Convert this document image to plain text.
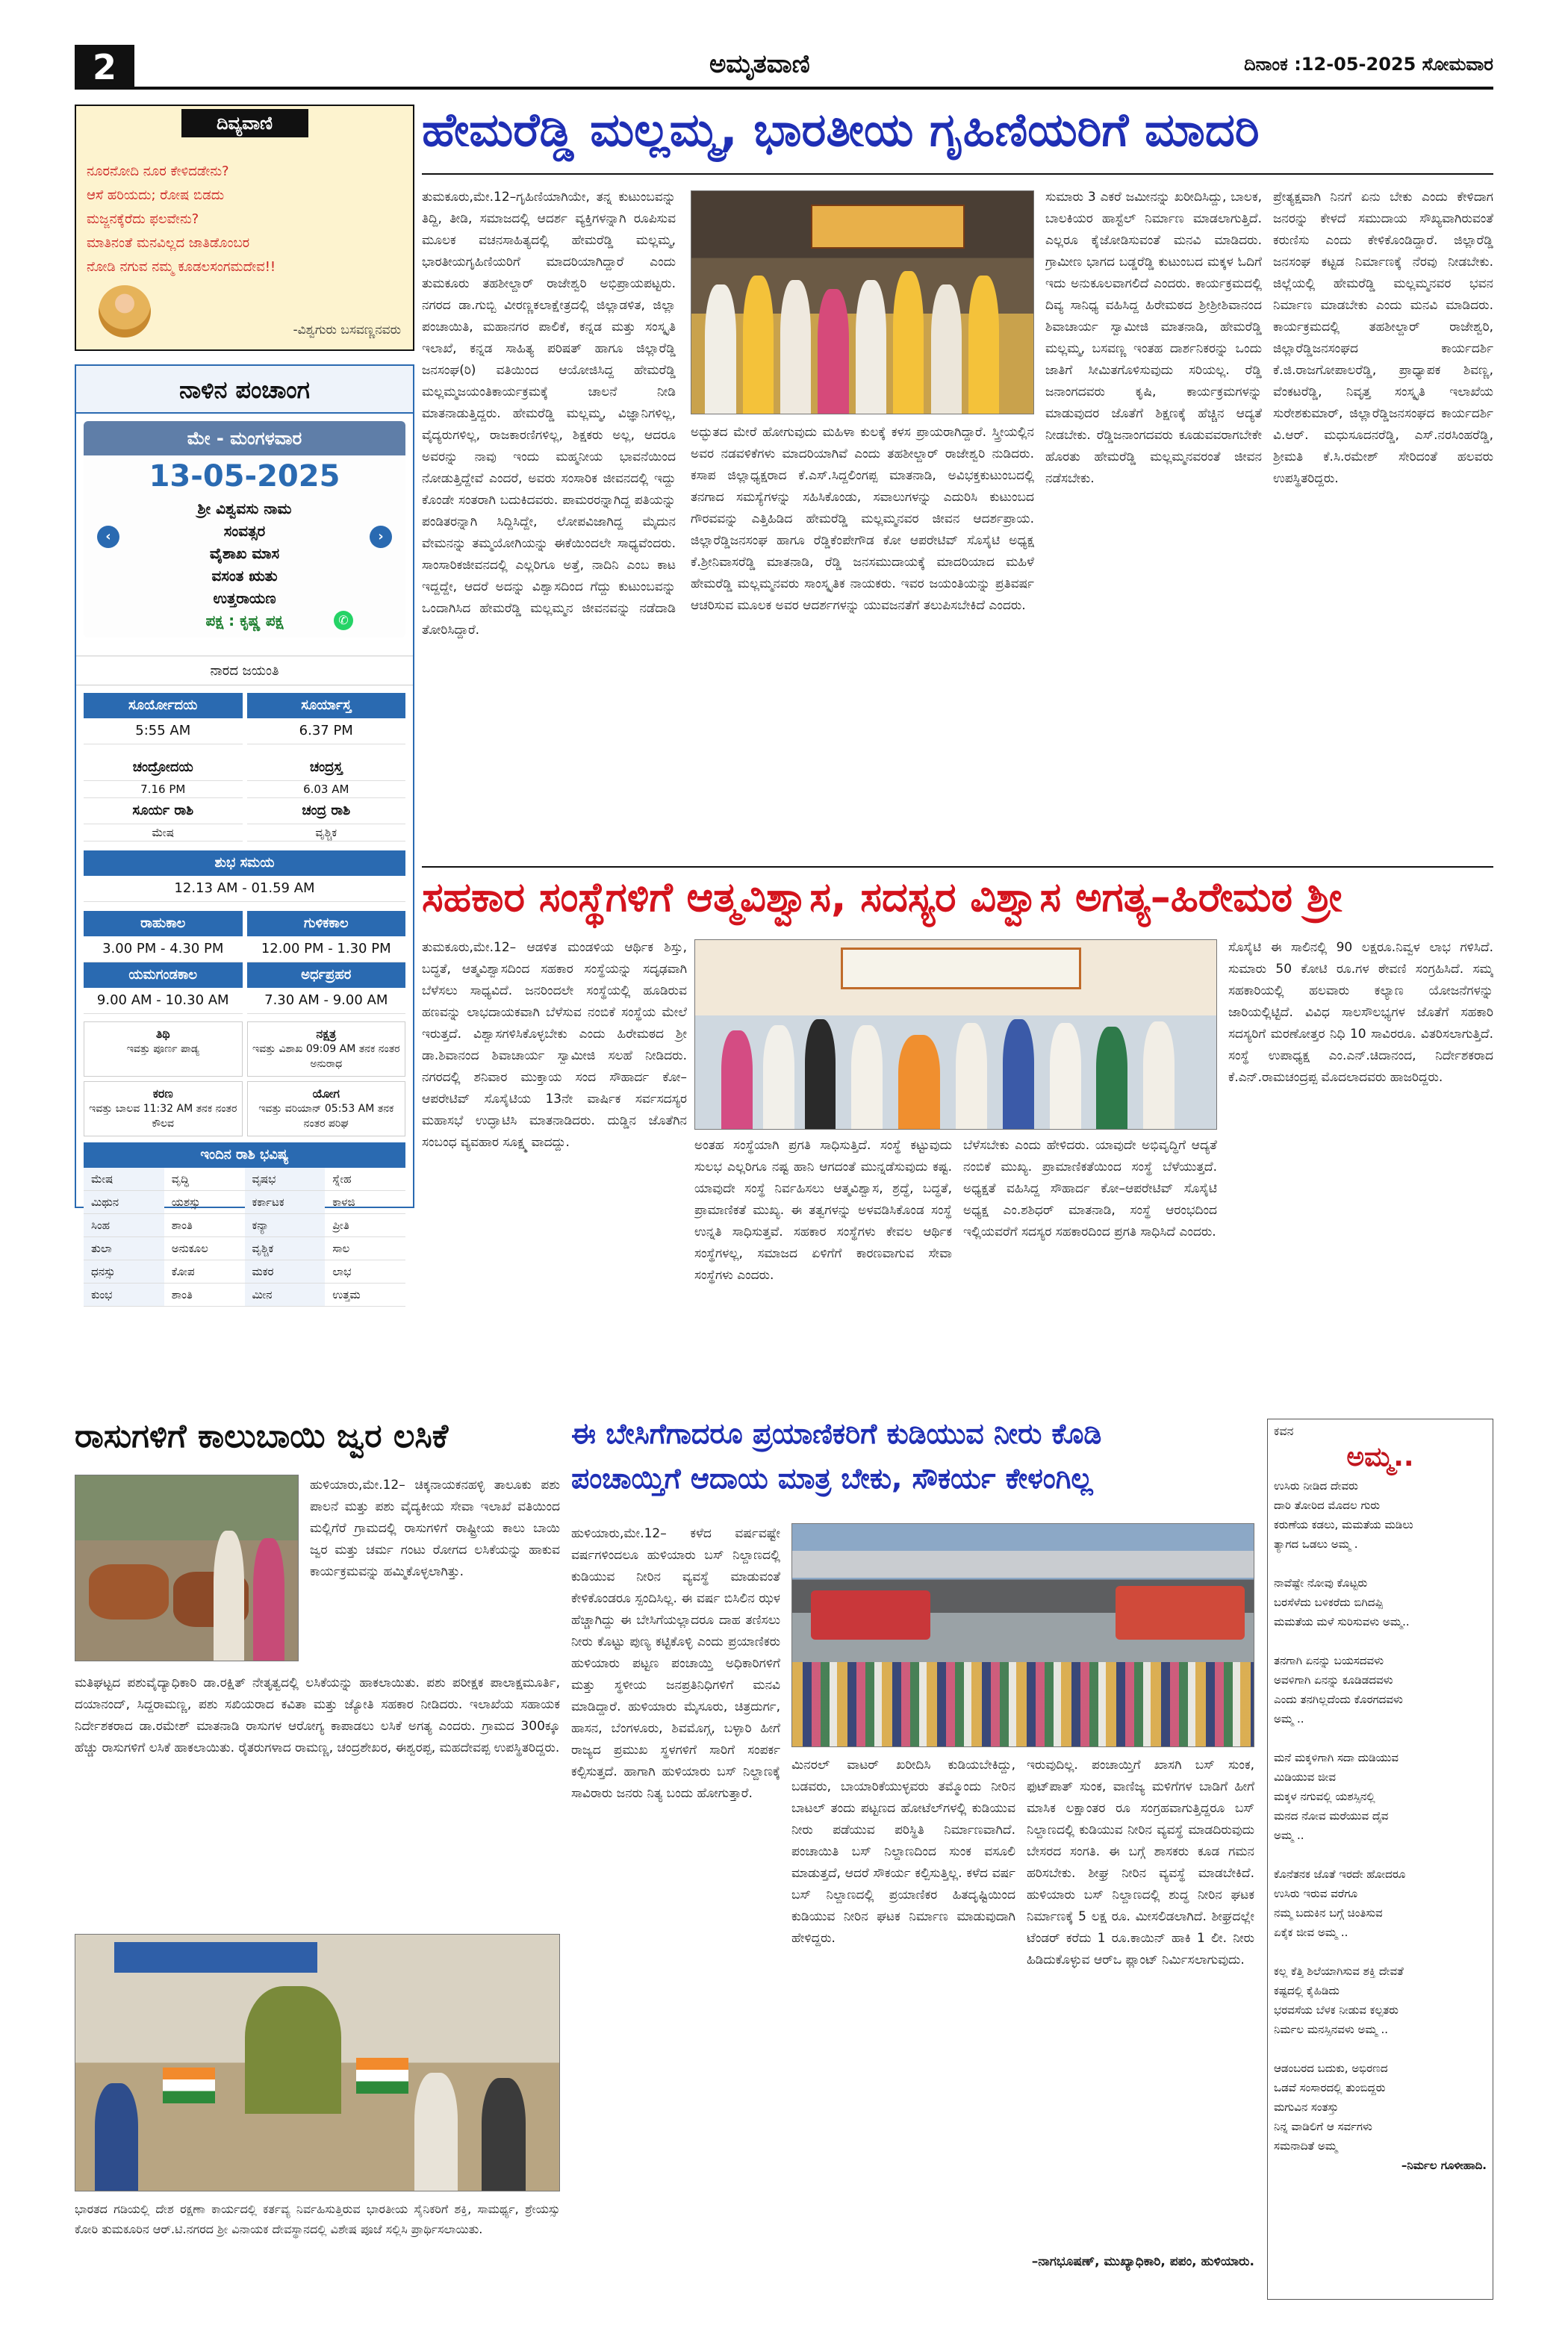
2	ಅಮೃತವಾಣಿ	ದಿನಾಂಕ :12-05-2025 ಸೋಮವಾರ
ದಿವ್ಯವಾಣಿ
ನೂರನೋದಿ ನೂರ ಕೇಳಿದಡೇನು?
ಆಸೆ ಹರಿಯದು; ರೋಷ ಬಿಡದು
ಮಜ್ಜನಕ್ಕೆರೆದು ಫಲವೇನು?
ಮಾತಿನಂತೆ ಮನವಿಲ್ಲದ ಜಾತಿಡೊಂಬರ
ನೋಡಿ ನಗುವ ನಮ್ಮ ಕೂಡಲಸಂಗಮದೇವ!!
-ವಿಶ್ವಗುರು ಬಸವಣ್ಣನವರು
ನಾಳಿನ ಪಂಚಾಂಗ
ಮೇ - ಮಂಗಳವಾರ
13-05-2025
ಶ್ರೀ ವಿಶ್ವವಸು ನಾಮ
ಸಂವತ್ಸರ
ವೈಶಾಖ ಮಾಸ
ವಸಂತ ಋತು
ಉತ್ತರಾಯಣ
ಪಕ್ಷ : ಕೃಷ್ಣ ಪಕ್ಷ
‹	›
✆
ನಾರದ ಜಯಂತಿ
ಸೂರ್ಯೋದಯ	ಸೂರ್ಯಾಸ್ತ
5:55 AM	6.37 PM
ಚಂದ್ರೋದಯ	ಚಂದ್ರಸ್ತ
7.16 PM	6.03 AM
ಸೂರ್ಯ ರಾಶಿ	ಚಂದ್ರ ರಾಶಿ
ಮೇಷ	ವೃಶ್ಚಿಕ
ಶುಭ ಸಮಯ
12.13 AM - 01.59 AM
ರಾಹುಕಾಲ	ಗುಳಿಕಕಾಲ
3.00 PM - 4.30 PM	12.00 PM - 1.30 PM
ಯಮಗಂಡಕಾಲ	ಅರ್ಧಪ್ರಹರ
9.00 AM - 10.30 AM	7.30 AM - 9.00 AM
ತಿಥಿ
ಇವತ್ತು ಪೂರ್ಣ ಪಾಡ್ಯ
ನಕ್ಷತ್ರ
ಇವತ್ತು ವಿಶಾಖ 09:09 AM ತನಕ ನಂತರ ಅನುರಾಧ
ಕರಣ
ಇವತ್ತು ಬಾಲವ 11:32 AM ತನಕ ನಂತರ ಕೌಲವ
ಯೋಗ
ಇವತ್ತು ವರಿಯಾನ್ 05:53 AM ತನಕ ನಂತರ ಪರಿಘ
ಇಂದಿನ ರಾಶಿ ಭವಿಷ್ಯ
ಮೇಷ	ವೃದ್ಧಿ	ವೃಷಭ	ಸ್ನೇಹ
ಮಿಥುನ	ಯಶಸ್ಸು	ಕರ್ಕಾಟಕ	ಕಾಳಜಿ
ಸಿಂಹ	ಶಾಂತಿ	ಕನ್ಯಾ	ಪ್ರೀತಿ
ತುಲಾ	ಅನುಕೂಲ	ವೃಶ್ಚಿಕ	ಸಾಲ
ಧನಸ್ಸು	ಕೋಪ	ಮಕರ	ಲಾಭ
ಕುಂಭ	ಶಾಂತಿ	ಮೀನ	ಉತ್ತಮ
ಹೇಮರೆಡ್ಡಿ ಮಲ್ಲಮ್ಮ, ಭಾರತೀಯ ಗೃಹಿಣಿಯರಿಗೆ ಮಾದರಿ
ತುಮಕೂರು,ಮೇ.12–ಗೃಹಿಣಿಯಾಗಿಯೇ, ತನ್ನ ಕುಟುಂಬವನ್ನು ತಿದ್ದಿ, ತೀಡಿ, ಸಮಾಜದಲ್ಲಿ ಆದರ್ಶ ವ್ಯಕ್ತಿಗಳನ್ನಾಗಿ ರೂಪಿಸುವ ಮೂಲಕ ವಚನಸಾಹಿತ್ಯದಲ್ಲಿ ಹೇಮರೆಡ್ಡಿ ಮಲ್ಲಮ್ಮ, ಭಾರತೀಯಗೃಹಿಣಿಯರಿಗೆ ಮಾದರಿಯಾಗಿದ್ದಾರೆ ಎಂದು ತುಮಕೂರು ತಹಶೀಲ್ದಾರ್ ರಾಜೇಶ್ವರಿ ಅಭಿಪ್ರಾಯಪಟ್ಟರು. ನಗರದ ಡಾ.ಗುಬ್ಬಿ ವೀರಣ್ಣಕಲಾಕ್ಷೇತ್ರದಲ್ಲಿ ಜಿಲ್ಲಾಡಳಿತ, ಜಿಲ್ಲಾ ಪಂಚಾಯಿತಿ, ಮಹಾನಗರ ಪಾಲಿಕೆ, ಕನ್ನಡ ಮತ್ತು ಸಂಸ್ಕೃತಿ ಇಲಾಖೆ, ಕನ್ನಡ ಸಾಹಿತ್ಯ ಪರಿಷತ್ ಹಾಗೂ ಜಿಲ್ಲಾರೆಡ್ಡಿ ಜನಸಂಘ(ರಿ) ವತಿಯಿಂದ ಆಯೋಜಿಸಿದ್ದ ಹೇಮರೆಡ್ಡಿ ಮಲ್ಲಮ್ಮಜಯಂತಿಕಾರ್ಯಕ್ರಮಕ್ಕೆ ಚಾಲನೆ ನೀಡಿ ಮಾತನಾಡುತ್ತಿದ್ದರು. ಹೇಮರೆಡ್ಡಿ ಮಲ್ಲಮ್ಮ, ವಿಜ್ಞಾನಿಗಳಿಲ್ಲ, ವೈದ್ಯರುಗಳಿಲ್ಲ, ರಾಜಕಾರಣಿಗಳಿಲ್ಲ, ಶಿಕ್ಷಕರು ಅಲ್ಲ, ಆದರೂ ಅವರನ್ನು ನಾವು ಇಂದು ಮಹ್ಮನೀಯ ಭಾವನೆಯಿಂದ ನೋಡುತ್ತಿದ್ದೇವೆ ಎಂದರೆ, ಅವರು ಸಂಸಾರಿಕ ಜೀವನದಲ್ಲಿ ಇದ್ದು ಕೊಂಡೇ ಸಂತರಾಗಿ ಬದುಕಿದವರು. ಪಾಮರರನ್ನಾಗಿದ್ದ ಪತಿಯನ್ನು ಪಂಡಿತರನ್ನಾಗಿ ಸಿದ್ದಿಸಿದ್ದೇ, ಲೋಪವಿಜಾಗಿದ್ದ ಮೈದುನ ವೇಮನನ್ನು ತಮ್ಮಯೋಗಿಯನ್ನು ಈಕೆಯಿಂದಲೇ ಸಾಧ್ಯವೆಂದರು. ಸಾಂಸಾರಿಕಜೀವನದಲ್ಲಿ ಎಲ್ಲರಿಗೂ ಅತ್ತೆ, ನಾದಿನಿ ಎಂಬ ಕಾಟ ಇದ್ದದ್ದೇ, ಆದರೆ ಅದನ್ನು ವಿಶ್ವಾಸದಿಂದ ಗೆದ್ದು ಕುಟುಂಬವನ್ನು ಒಂದಾಗಿಸಿದ ಹೇಮರೆಡ್ಡಿ ಮಲ್ಲಮ್ಮನ ಜೀವನವನ್ನು ನಡೆದಾಡಿ ತೋರಿಸಿದ್ದಾರೆ.
ಅದ್ಭುತದ ಮೇರೆ ಹೋಗುವುದು ಮಹಿಳಾ ಕುಲಕ್ಕೆ ಕಳಸ ಪ್ರಾಯರಾಗಿದ್ದಾರೆ. ಸ್ತ್ರೀಯಲ್ಲಿನ ಅವರ ನಡವಳಿಕೆಗಳು ಮಾದರಿಯಾಗಿವೆ ಎಂದು ತಹಶೀಲ್ದಾರ್ ರಾಜೇಶ್ವರಿ ನುಡಿದರು. ಕಸಾಪ ಜಿಲ್ಲಾಧ್ಯಕ್ಷರಾದ ಕೆ.ಎಸ್.ಸಿದ್ದಲಿಂಗಪ್ಪ ಮಾತನಾಡಿ, ಅವಿಭಕ್ತಕುಟುಂಬದಲ್ಲಿ ತನಗಾದ ಸಮಸ್ಯೆಗಳನ್ನು ಸಹಿಸಿಕೊಂಡು, ಸವಾಲುಗಳನ್ನು ಎದುರಿಸಿ ಕುಟುಂಬದ ಗೌರವವನ್ನು ಎತ್ತಿಹಿಡಿದ ಹೇಮರೆಡ್ಡಿ ಮಲ್ಲಮ್ಮನವರ ಜೀವನ ಆದರ್ಶಪ್ರಾಯ. ಜಿಲ್ಲಾರೆಡ್ಡಿಜನಸಂಘ ಹಾಗೂ ರೆಡ್ಡಿಕೆಂಪೇಗೌಡ ಕೋ ಆಪರೇಟಿವ್ ಸೊಸೈಟಿ ಅಧ್ಯಕ್ಷ ಕೆ.ಶ್ರೀನಿವಾಸರೆಡ್ಡಿ ಮಾತನಾಡಿ, ರೆಡ್ಡಿ ಜನಸಮುದಾಯಕ್ಕೆ ಮಾದರಿಯಾದ ಮಹಿಳೆ ಹೇಮರೆಡ್ಡಿ ಮಲ್ಲಮ್ಮನವರು ಸಾಂಸ್ಕೃತಿಕ ನಾಯಕರು. ಇವರ ಜಯಂತಿಯನ್ನು ಪ್ರತಿವರ್ಷ ಆಚರಿಸುವ ಮೂಲಕ ಅವರ ಆದರ್ಶಗಳನ್ನು ಯುವಜನತೆಗೆ ತಲುಪಿಸಬೇಕಿದೆ ಎಂದರು.
ಸುಮಾರು 3 ಎಕರೆ ಜಮೀನನ್ನು ಖರೀದಿಸಿದ್ದು, ಬಾಲಕ, ಬಾಲಕಿಯರ ಹಾಸ್ಟೆಲ್ ನಿರ್ಮಾಣ ಮಾಡಲಾಗುತ್ತಿದೆ. ಎಲ್ಲರೂ ಕೈಜೋಡಿಸುವಂತೆ ಮನವಿ ಮಾಡಿದರು. ಗ್ರಾಮೀಣ ಭಾಗದ ಬಡ್ಡರೆಡ್ಡಿ ಕುಟುಂಬದ ಮಕ್ಕಳ ಓದಿಗೆ ಇದು ಅನುಕೂಲವಾಗಲಿದೆ ಎಂದರು. ಕಾರ್ಯಕ್ರಮದಲ್ಲಿ ದಿವ್ಯ ಸಾನಿಧ್ಯ ವಹಿಸಿದ್ದ ಹಿರೇಮಠದ ಶ್ರೀಶ್ರೀಶಿವಾನಂದ ಶಿವಾಚಾರ್ಯ ಸ್ವಾಮೀಜಿ ಮಾತನಾಡಿ, ಹೇಮರೆಡ್ಡಿ ಮಲ್ಲಮ್ಮ, ಬಸವಣ್ಣ ಇಂತಹ ದಾರ್ಶನಿಕರನ್ನು ಒಂದು ಜಾತಿಗೆ ಸೀಮಿತಗೊಳಿಸುವುದು ಸರಿಯಲ್ಲ. ರೆಡ್ಡಿ ಜನಾಂಗದವರು ಕೃಷಿ, ಕಾರ್ಯಕ್ರಮಗಳನ್ನು ಮಾಡುವುದರ ಜೊತೆಗೆ ಶಿಕ್ಷಣಕ್ಕೆ ಹೆಚ್ಚಿನ ಆದ್ಯತೆ ನೀಡಬೇಕು. ರೆಡ್ಡಿಜನಾಂಗದವರು ಕೂಡುವವರಾಗಬೇಕೇ ಹೊರತು ಹೇಮರೆಡ್ಡಿ ಮಲ್ಲಮ್ಮನವರಂತೆ ಜೀವನ ನಡೆಸಬೇಕು.
ಪ್ರೇತ್ಯಕ್ಷವಾಗಿ ನಿನಗೆ ಏನು ಬೇಕು ಎಂದು ಕೇಳಿದಾಗ ಜನರನ್ನು ಕೇಳದೆ ಸಮುದಾಯ ಸೌಖ್ಯವಾಗಿರುವಂತೆ ಕರುಣಿಸು ಎಂದು ಕೇಳಿಕೊಂಡಿದ್ದಾರೆ. ಜಿಲ್ಲಾರೆಡ್ಡಿ ಜನಸಂಘ ಕಟ್ಟಡ ನಿರ್ಮಾಣಕ್ಕೆ ನೆರವು ನೀಡಬೇಕು. ಜಿಲ್ಲೆಯಲ್ಲಿ ಹೇಮರೆಡ್ಡಿ ಮಲ್ಲಮ್ಮನವರ ಭವನ ನಿರ್ಮಾಣ ಮಾಡಬೇಕು ಎಂದು ಮನವಿ ಮಾಡಿದರು. ಕಾರ್ಯಕ್ರಮದಲ್ಲಿ ತಹಶೀಲ್ದಾರ್ ರಾಜೇಶ್ವರಿ, ಜಿಲ್ಲಾರೆಡ್ಡಿಜನಸಂಘದ ಕಾರ್ಯದರ್ಶಿ ಕೆ.ಜಿ.ರಾಜಗೋಪಾಲರೆಡ್ಡಿ, ಪ್ರಾಧ್ಯಾಪಕ ಶಿವಣ್ಣ, ವೆಂಕಟರೆಡ್ಡಿ, ನಿವೃತ್ತ ಸಂಸ್ಕೃತಿ ಇಲಾಖೆಯ ಸುರೇಶಕುಮಾರ್, ಜಿಲ್ಲಾರೆಡ್ಡಿಜನಸಂಘದ ಕಾರ್ಯದರ್ಶಿ ವಿ.ಆರ್. ಮಧುಸೂದನರೆಡ್ಡಿ, ಎಸ್.ನರಸಿಂಹರೆಡ್ಡಿ, ಶ್ರೀಮತಿ ಕೆ.ಸಿ.ರಮೇಶ್ ಸೇರಿದಂತೆ ಹಲವರು ಉಪಸ್ಥಿತರಿದ್ದರು.
ಸಹಕಾರ ಸಂಸ್ಥೆಗಳಿಗೆ ಆತ್ಮವಿಶ್ವಾಸ, ಸದಸ್ಯರ ವಿಶ್ವಾಸ ಅಗತ್ಯ–ಹಿರೇಮಠ ಶ್ರೀ
ತುಮಕೂರು,ಮೇ.12– ಆಡಳಿತ ಮಂಡಳಿಯ ಆರ್ಥಿಕ ಶಿಸ್ತು, ಬದ್ಧತೆ, ಆತ್ಮವಿಶ್ವಾಸದಿಂದ ಸಹಕಾರ ಸಂಸ್ಥೆಯನ್ನು ಸದೃಢವಾಗಿ ಬೆಳೆಸಲು ಸಾಧ್ಯವಿದೆ. ಜನರಿಂದಲೇ ಸಂಸ್ಥೆಯಲ್ಲಿ ಹೂಡಿರುವ ಹಣವನ್ನು ಲಾಭದಾಯಕವಾಗಿ ಬೆಳೆಸುವ ನಂಬಿಕೆ ಸಂಸ್ಥೆಯ ಮೇಲೆ ಇರುತ್ತದೆ. ವಿಶ್ವಾಸಗಳಿಸಿಕೊಳ್ಳಬೇಕು ಎಂದು ಹಿರೇಮಠದ ಶ್ರೀ ಡಾ.ಶಿವಾನಂದ ಶಿವಾಚಾರ್ಯ ಸ್ವಾಮೀಜಿ ಸಲಹೆ ನೀಡಿದರು. ನಗರದಲ್ಲಿ ಶನಿವಾರ ಮುಕ್ತಾಯ ಸಂದ ಸೌಹಾರ್ದ ಕೋ–ಆಪರೇಟಿವ್ ಸೊಸೈಟಿಯ 13ನೇ ವಾರ್ಷಿಕ ಸರ್ವಸದಸ್ಯರ ಮಹಾಸಭೆ ಉದ್ಘಾಟಿಸಿ ಮಾತನಾಡಿದರು. ದುಡ್ಡಿನ ಜೊತೆಗಿನ ಸಂಬಂಧ ವ್ಯವಹಾರ ಸೂಕ್ಷ್ಮ ವಾದದ್ದು.	ಅಂತಹ ಸಂಸ್ಥೆಯಾಗಿ ಪ್ರಗತಿ ಸಾಧಿಸುತ್ತಿದೆ. ಸಂಸ್ಥೆ ಕಟ್ಟುವುದು ಸುಲಭ ಎಲ್ಲರಿಗೂ ನಷ್ಟ ಹಾನಿ ಆಗದಂತೆ ಮುನ್ನಡೆಸುವುದು ಕಷ್ಟ. ಯಾವುದೇ ಸಂಸ್ಥೆ ನಿರ್ವಹಿಸಲು ಆತ್ಮವಿಶ್ವಾಸ, ಶ್ರದ್ಧೆ, ಬದ್ಧತೆ, ಪ್ರಾಮಾಣಿಕತೆ ಮುಖ್ಯ. ಈ ತತ್ವಗಳನ್ನು ಅಳವಡಿಸಿಕೊಂಡ ಸಂಸ್ಥೆ ಉನ್ನತಿ ಸಾಧಿಸುತ್ತವೆ. ಸಹಕಾರ ಸಂಸ್ಥೆಗಳು ಕೇವಲ ಆರ್ಥಿಕ ಸಂಸ್ಥೆಗಳಲ್ಲ, ಸಮಾಜದ ಏಳಿಗೆಗೆ ಕಾರಣವಾಗುವ ಸೇವಾ ಸಂಸ್ಥೆಗಳು ಎಂದರು.
ಬೆಳೆಸಬೇಕು ಎಂದು ಹೇಳಿದರು. ಯಾವುದೇ ಅಭಿವೃದ್ಧಿಗೆ ಆದ್ಯತೆ ನಂಬಿಕೆ ಮುಖ್ಯ. ಪ್ರಾಮಾಣಿಕತೆಯಿಂದ ಸಂಸ್ಥೆ ಬೆಳೆಯುತ್ತದೆ. ಅಧ್ಯಕ್ಷತೆ ವಹಿಸಿದ್ದ ಸೌಹಾರ್ದ ಕೋ–ಆಪರೇಟಿವ್ ಸೊಸೈಟಿ ಅಧ್ಯಕ್ಷ ಎಂ.ಶಶಿಧರ್ ಮಾತನಾಡಿ, ಸಂಸ್ಥೆ ಆರಂಭದಿಂದ ಇಲ್ಲಿಯವರೆಗೆ ಸದಸ್ಯರ ಸಹಕಾರದಿಂದ ಪ್ರಗತಿ ಸಾಧಿಸಿದೆ ಎಂದರು.
ಸೊಸೈಟಿ ಈ ಸಾಲಿನಲ್ಲಿ 90 ಲಕ್ಷರೂ.ನಿವ್ವಳ ಲಾಭ ಗಳಿಸಿದೆ. ಸುಮಾರು 50 ಕೋಟಿ ರೂ.ಗಳ ಠೇವಣಿ ಸಂಗ್ರಹಿಸಿದೆ. ಸಮ್ಮ ಸಹಕಾರಿಯಲ್ಲಿ ಹಲವಾರು ಕಲ್ಯಾಣ ಯೋಜನೆಗಳನ್ನು ಜಾರಿಯಲ್ಲಿಟ್ಟಿದೆ. ವಿವಿಧ ಸಾಲಸೌಲಭ್ಯಗಳ ಜೊತೆಗೆ ಸಹಕಾರಿ ಸದಸ್ಯರಿಗೆ ಮರಣೋತ್ತರ ನಿಧಿ 10 ಸಾವಿರರೂ. ವಿತರಿಸಲಾಗುತ್ತಿದೆ. ಸಂಸ್ಥೆ ಉಪಾಧ್ಯಕ್ಷ ಎಂ.ಎನ್.ಚಿದಾನಂದ, ನಿರ್ದೇಶಕರಾದ ಕೆ.ಎನ್.ರಾಮಚಂದ್ರಪ್ಪ ಮೊದಲಾದವರು ಹಾಜರಿದ್ದರು.
ರಾಸುಗಳಿಗೆ ಕಾಲುಬಾಯಿ ಜ್ವರ ಲಸಿಕೆ
ಹುಳಿಯಾರು,ಮೇ.12– ಚಿಕ್ಕನಾಯಕನಹಳ್ಳಿ ತಾಲೂಕು ಪಶು ಪಾಲನೆ ಮತ್ತು ಪಶು ವೈದ್ಯಕೀಯ ಸೇವಾ ಇಲಾಖೆ ವತಿಯಿಂದ ಮಲ್ಲಿಗೆರೆ ಗ್ರಾಮದಲ್ಲಿ ರಾಸುಗಳಿಗೆ ರಾಷ್ಟ್ರೀಯ ಕಾಲು ಬಾಯಿ ಜ್ವರ ಮತ್ತು ಚರ್ಮ ಗಂಟು ರೋಗದ ಲಸಿಕೆಯನ್ನು ಹಾಕುವ ಕಾರ್ಯಕ್ರಮವನ್ನು ಹಮ್ಮಿಕೊಳ್ಳಲಾಗಿತ್ತು.
ಮತಿಘಟ್ಟದ ಪಶುವೈದ್ಯಾಧಿಕಾರಿ ಡಾ.ರಕ್ಷಿತ್ ನೇತೃತ್ವದಲ್ಲಿ ಲಸಿಕೆಯನ್ನು ಹಾಕಲಾಯಿತು. ಪಶು ಪರೀಕ್ಷಕ ಪಾಲಾಕ್ಷಮೂರ್ತಿ, ದಯಾನಂದ್, ಸಿದ್ದರಾಮಣ್ಣ, ಪಶು ಸಖಿಯರಾದ ಕವಿತಾ ಮತ್ತು ಜ್ಯೋತಿ ಸಹಕಾರ ನೀಡಿದರು. ಇಲಾಖೆಯ ಸಹಾಯಕ ನಿರ್ದೇಶಕರಾದ ಡಾ.ರಮೇಶ್ ಮಾತನಾಡಿ ರಾಸುಗಳ ಆರೋಗ್ಯ ಕಾಪಾಡಲು ಲಸಿಕೆ ಅಗತ್ಯ ಎಂದರು. ಗ್ರಾಮದ 300ಕ್ಕೂ ಹೆಚ್ಚು ರಾಸುಗಳಿಗೆ ಲಸಿಕೆ ಹಾಕಲಾಯಿತು. ರೈತರುಗಳಾದ ರಾಮಣ್ಣ, ಚಂದ್ರಶೇಖರ, ಈಶ್ವರಪ್ಪ, ಮಹದೇವಪ್ಪ ಉಪಸ್ಥಿತರಿದ್ದರು.
ಭಾರತದ ಗಡಿಯಲ್ಲಿ ದೇಶ ರಕ್ಷಣಾ ಕಾರ್ಯದಲ್ಲಿ ಕರ್ತವ್ಯ ನಿರ್ವಹಿಸುತ್ತಿರುವ ಭಾರತೀಯ ಸೈನಿಕರಿಗೆ ಶಕ್ತಿ, ಸಾಮರ್ಥ್ಯ, ಶ್ರೇಯಸ್ಸು ಕೋರಿ ತುಮಕೂರಿನ ಆರ್.ಟಿ.ನಗರದ ಶ್ರೀ ವಿನಾಯಕ ದೇವಸ್ಥಾನದಲ್ಲಿ ವಿಶೇಷ ಪೂಜೆ ಸಲ್ಲಿಸಿ ಪ್ರಾರ್ಥಿಸಲಾಯಿತು.
ಈ ಬೇಸಿಗೆಗಾದರೂ ಪ್ರಯಾಣಿಕರಿಗೆ ಕುಡಿಯುವ ನೀರು ಕೊಡಿ
ಪಂಚಾಯ್ತಿಗೆ ಆದಾಯ ಮಾತ್ರ ಬೇಕು, ಸೌಕರ್ಯ ಕೇಳಂಗಿಲ್ಲ
ಹುಳಿಯಾರು,ಮೇ.12– ಕಳೆದ ವರ್ಷವಷ್ಟೇ ವರ್ಷಗಳಿಂದಲೂ ಹುಳಿಯಾರು ಬಸ್ ನಿಲ್ದಾಣದಲ್ಲಿ ಕುಡಿಯುವ ನೀರಿನ ವ್ಯವಸ್ಥೆ ಮಾಡುವಂತೆ ಕೇಳಿಕೊಂಡರೂ ಸ್ಪಂದಿಸಿಲ್ಲ. ಈ ವರ್ಷ ಬಿಸಿಲಿನ ಝಳ ಹೆಚ್ಚಾಗಿದ್ದು ಈ ಬೇಸಿಗೆಯಲ್ಲಾದರೂ ದಾಹ ತಣಿಸಲು ನೀರು ಕೊಟ್ಟು ಪುಣ್ಯ ಕಟ್ಟಿಕೊಳ್ಳಿ ಎಂದು ಪ್ರಯಾಣಿಕರು ಹುಳಿಯಾರು ಪಟ್ಟಣ ಪಂಚಾಯ್ತಿ ಅಧಿಕಾರಿಗಳಿಗೆ ಮತ್ತು ಸ್ಥಳೀಯ ಜನಪ್ರತಿನಿಧಿಗಳಿಗೆ ಮನವಿ ಮಾಡಿದ್ದಾರೆ. ಹುಳಿಯಾರು ಮೈಸೂರು, ಚಿತ್ರದುರ್ಗ, ಹಾಸನ, ಬೆಂಗಳೂರು, ಶಿವಮೊಗ್ಗ, ಬಳ್ಳಾರಿ ಹೀಗೆ ರಾಜ್ಯದ ಪ್ರಮುಖ ಸ್ಥಳಗಳಿಗೆ ಸಾರಿಗೆ ಸಂಪರ್ಕ ಕಲ್ಪಿಸುತ್ತದೆ. ಹಾಗಾಗಿ ಹುಳಿಯಾರು ಬಸ್ ನಿಲ್ದಾಣಕ್ಕೆ ಸಾವಿರಾರು ಜನರು ನಿತ್ಯ ಬಂದು ಹೋಗುತ್ತಾರೆ.
ಮಿನರಲ್ ವಾಟರ್ ಖರೀದಿಸಿ ಕುಡಿಯಬೇಕಿದ್ದು, ಬಡವರು, ಬಾಯಾರಿಕೆಯುಳ್ಳವರು ತಮ್ಮೊಂದು ನೀರಿನ ಬಾಟಲ್ ತಂದು ಪಟ್ಟಣದ ಹೋಟೆಲ್‌ಗಳಲ್ಲಿ ಕುಡಿಯುವ ನೀರು ಪಡೆಯುವ ಪರಿಸ್ಥಿತಿ ನಿರ್ಮಾಣವಾಗಿದೆ. ಪಂಚಾಯಿತಿ ಬಸ್ ನಿಲ್ದಾಣದಿಂದ ಸುಂಕ ವಸೂಲಿ ಮಾಡುತ್ತದೆ, ಆದರೆ ಸೌಕರ್ಯ ಕಲ್ಪಿಸುತ್ತಿಲ್ಲ. ಕಳೆದ ವರ್ಷ ಬಸ್ ನಿಲ್ದಾಣದಲ್ಲಿ ಪ್ರಯಾಣಿಕರ ಹಿತದೃಷ್ಟಿಯಿಂದ ಕುಡಿಯುವ ನೀರಿನ ಘಟಕ ನಿರ್ಮಾಣ ಮಾಡುವುದಾಗಿ ಹೇಳಿದ್ದರು.
ಇರುವುದಿಲ್ಲ. ಪಂಚಾಯ್ತಿಗೆ ಖಾಸಗಿ ಬಸ್ ಸುಂಕ, ಫುಟ್‌ಪಾತ್ ಸುಂಕ, ವಾಣಿಜ್ಯ ಮಳಿಗೆಗಳ ಬಾಡಿಗೆ ಹೀಗೆ ಮಾಸಿಕ ಲಕ್ಷಾಂತರ ರೂ ಸಂಗ್ರಹವಾಗುತ್ತಿದ್ದರೂ ಬಸ್ ನಿಲ್ದಾಣದಲ್ಲಿ ಕುಡಿಯುವ ನೀರಿನ ವ್ಯವಸ್ಥೆ ಮಾಡದಿರುವುದು ಬೇಸರದ ಸಂಗತಿ. ಈ ಬಗ್ಗೆ ಶಾಸಕರು ಕೂಡ ಗಮನ ಹರಿಸಬೇಕು. ಶೀಘ್ರ ನೀರಿನ ವ್ಯವಸ್ಥೆ ಮಾಡಬೇಕಿದೆ. ಹುಳಿಯಾರು ಬಸ್ ನಿಲ್ದಾಣದಲ್ಲಿ ಶುದ್ಧ ನೀರಿನ ಘಟಕ ನಿರ್ಮಾಣಕ್ಕೆ 5 ಲಕ್ಷ ರೂ. ಮೀಸಲಿಡಲಾಗಿದೆ. ಶೀಘ್ರದಲ್ಲೇ ಟೆಂಡರ್ ಕರೆದು 1 ರೂ.ಕಾಯಿನ್ ಹಾಕಿ 1 ಲೀ. ನೀರು ಹಿಡಿದುಕೊಳ್ಳುವ ಆರ್‌ಒ ಪ್ಲಾಂಟ್ ನಿರ್ಮಿಸಲಾಗುವುದು.
–ನಾಗಭೂಷಣ್, ಮುಖ್ಯಾಧಿಕಾರಿ, ಪಪಂ, ಹುಳಿಯಾರು.
ಕವನ
ಅಮ್ಮ..
ಉಸಿರು ನೀಡಿದ ದೇವರು
ದಾರಿ ತೋರಿದ ಮೊದಲ ಗುರು
ಕರುಣೆಯ ಕಡಲು, ಮಮತೆಯ ಮಡಿಲು
ತ್ಯಾಗದ ಒಡಲು ಅಮ್ಮ .

ನಾವೆಷ್ಟೇ ನೋವು ಕೊಟ್ಟರು
ಬರಸೆಳೆದು ಬಳಿಕರೆದು ಬಿಗಿದಪ್ಪಿ
ಮಮತೆಯ ಮಳೆ ಸುರಿಸುವಳು ಅಮ್ಮ..

ತನಗಾಗಿ ಏನನ್ನು ಬಯಸದವಳು
ಅವಳಿಗಾಗಿ ಏನನ್ನು ಕೂಡಿಡದವಳು
ಎಂದು ತನಗಿಲ್ಲದೆಂದು ಕೊರಗದವಳು
ಅಮ್ಮ ..

ಮನೆ ಮಕ್ಕಳಿಗಾಗಿ ಸದಾ ದುಡಿಯುವ
ಮಿಡಿಯುವ ಜೀವ
ಮಕ್ಕಳ ನಗುವಲ್ಲಿ ಯಶಸ್ಸಿನಲ್ಲಿ
ಮನದ ನೋವ ಮರೆಯುವ ದೈವ
ಅಮ್ಮ ..

ಕೊನೆತನಕ ಜೊತೆ ಇರದೇ ಹೋದರೂ
ಉಸಿರು ಇರುವ ವರೆಗೂ
ನಮ್ಮ ಬದುಕಿನ ಬಗ್ಗೆ ಚಿಂತಿಸುವ
ಏಕೈಕ ಜೀವ ಅಮ್ಮ ..

ಕಲ್ಲ ಕೆತ್ತಿ ಶಿಲೆಯಾಗಿಸುವ ಶಕ್ತಿ ದೇವತೆ
ಕಷ್ಟದಲ್ಲಿ ಕೈಹಿಡಿದು
ಭರವಸೆಯ ಬೆಳಕ ನೀಡುವ ಕಲ್ಪತರು
ನಿರ್ಮಲ ಮನಸ್ಸಿನವಳು ಅಮ್ಮ ..

ಆಡಂಬರದ ಬದುಕು, ಅಭಿರಣದ
ಒಡವೆ ಸಂಸಾರದಲ್ಲಿ ತುಂಬಿದ್ದರು
ಮಗುವಿನ ಸಂತಸ್ತು
ನಿನ್ನ ವಾಡಿಲಿಗೆ ಆ ಸರ್ವಗಳು
ಸಮನಾದಿತೆ ಅಮ್ಮ
–ನಿರ್ಮಲ ಗೂಳೀಹಾದಿ.
